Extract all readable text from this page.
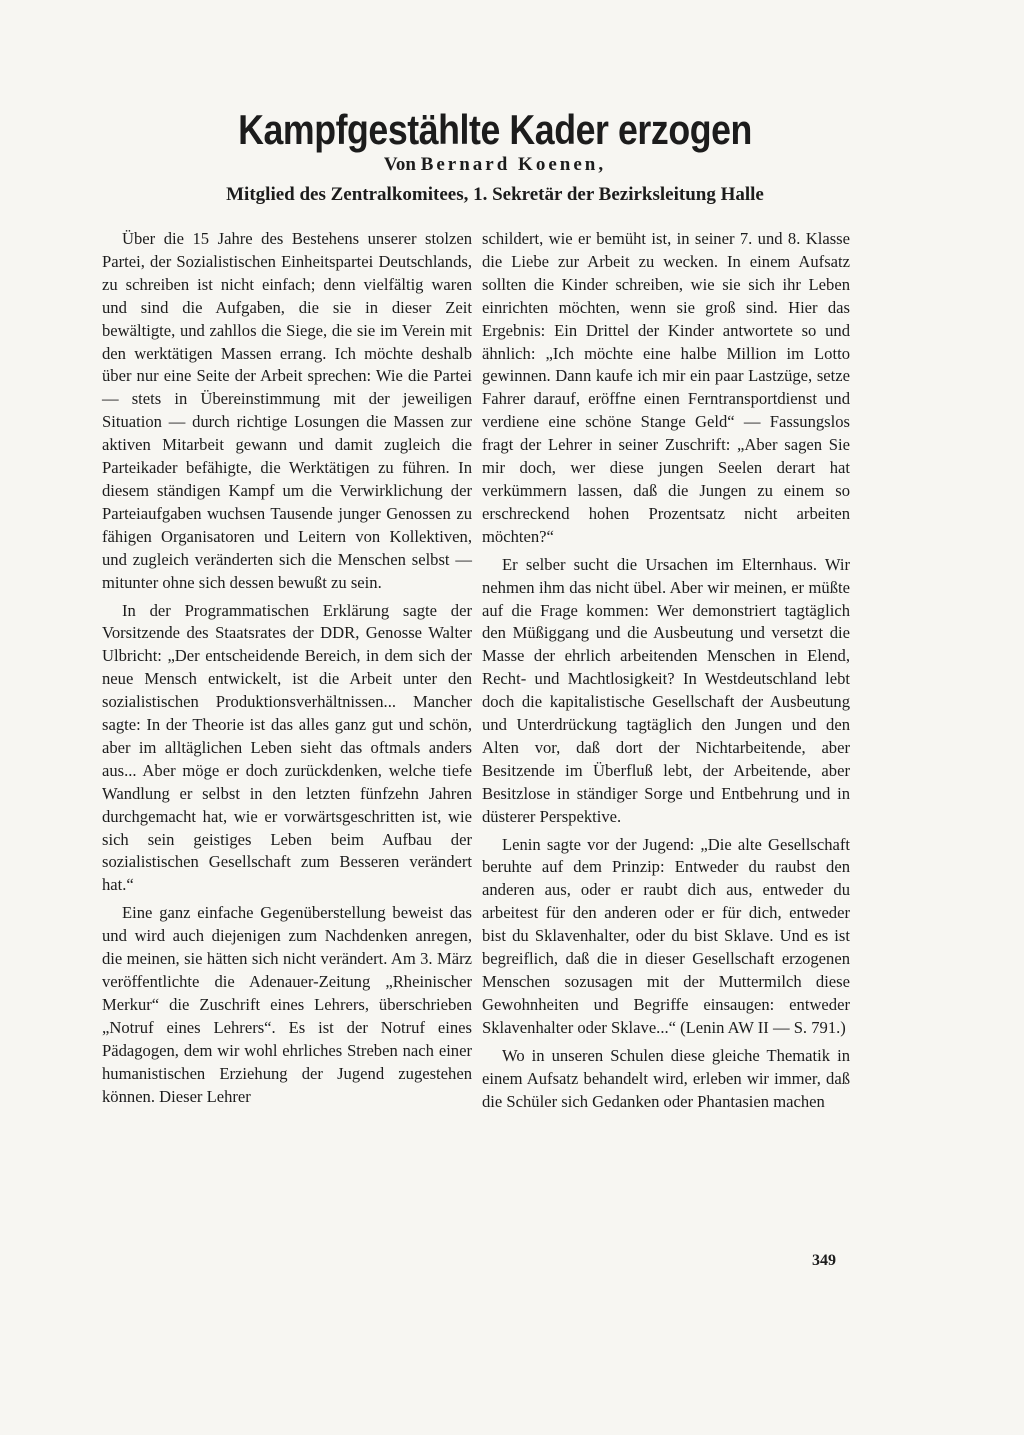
Kampfgestählte Kader erzogen
Von Bernard Koenen,
Mitglied des Zentralkomitees, 1. Sekretär der Bezirksleitung Halle

Über die 15 Jahre des Bestehens unserer stolzen Partei, der Sozialistischen Einheitspartei Deutschlands, zu schreiben ist nicht einfach; denn vielfältig waren und sind die Aufgaben, die sie in dieser Zeit bewältigte, und zahllos die Siege, die sie im Verein mit den werktätigen Massen errang. Ich möchte deshalb über nur eine Seite der Arbeit sprechen: Wie die Partei — stets in Übereinstimmung mit der jeweiligen Situation — durch richtige Losungen die Massen zur aktiven Mitarbeit gewann und damit zugleich die Parteikader befähigte, die Werktätigen zu führen. In diesem ständigen Kampf um die Verwirklichung der Parteiaufgaben wuchsen Tausende junger Genossen zu fähigen Organisatoren und Leitern von Kollektiven, und zugleich veränderten sich die Menschen selbst — mitunter ohne sich dessen bewußt zu sein.

In der Programmatischen Erklärung sagte der Vorsitzende des Staatsrates der DDR, Genosse Walter Ulbricht: „Der entscheidende Bereich, in dem sich der neue Mensch entwickelt, ist die Arbeit unter den sozialistischen Produktionsverhältnissen... Mancher sagte: In der Theorie ist das alles ganz gut und schön, aber im alltäglichen Leben sieht das oftmals anders aus... Aber möge er doch zurückdenken, welche tiefe Wandlung er selbst in den letzten fünfzehn Jahren durchgemacht hat, wie er vorwärtsgeschritten ist, wie sich sein geistiges Leben beim Aufbau der sozialistischen Gesellschaft zum Besseren verändert hat.“

Eine ganz einfache Gegenüberstellung beweist das und wird auch diejenigen zum Nachdenken anregen, die meinen, sie hätten sich nicht verändert. Am 3. März veröffentlichte die Adenauer-Zeitung „Rheinischer Merkur“ die Zuschrift eines Lehrers, überschrieben „Notruf eines Lehrers“. Es ist der Notruf eines Pädagogen, dem wir wohl ehrliches Streben nach einer humanistischen Erziehung der Jugend zugestehen können. Dieser Lehrer

schildert, wie er bemüht ist, in seiner 7. und 8. Klasse die Liebe zur Arbeit zu wecken. In einem Aufsatz sollten die Kinder schreiben, wie sie sich ihr Leben einrichten möchten, wenn sie groß sind. Hier das Ergebnis: Ein Drittel der Kinder antwortete so und ähnlich: „Ich möchte eine halbe Million im Lotto gewinnen. Dann kaufe ich mir ein paar Lastzüge, setze Fahrer darauf, eröffne einen Ferntransportdienst und verdiene eine schöne Stange Geld“ — Fassungslos fragt der Lehrer in seiner Zuschrift: „Aber sagen Sie mir doch, wer diese jungen Seelen derart hat verkümmern lassen, daß die Jungen zu einem so erschreckend hohen Prozentsatz nicht arbeiten möchten?“

Er selber sucht die Ursachen im Elternhaus. Wir nehmen ihm das nicht übel. Aber wir meinen, er müßte auf die Frage kommen: Wer demonstriert tagtäglich den Müßiggang und die Ausbeutung und versetzt die Masse der ehrlich arbeitenden Menschen in Elend, Recht- und Machtlosigkeit? In Westdeutschland lebt doch die kapitalistische Gesellschaft der Ausbeutung und Unterdrückung tagtäglich den Jungen und den Alten vor, daß dort der Nichtarbeitende, aber Besitzende im Überfluß lebt, der Arbeitende, aber Besitzlose in ständiger Sorge und Entbehrung und in düsterer Perspektive.

Lenin sagte vor der Jugend: „Die alte Gesellschaft beruhte auf dem Prinzip: Entweder du raubst den anderen aus, oder er raubt dich aus, entweder du arbeitest für den anderen oder er für dich, entweder bist du Sklavenhalter, oder du bist Sklave. Und es ist begreiflich, daß die in dieser Gesellschaft erzogenen Menschen sozusagen mit der Muttermilch diese Gewohnheiten und Begriffe einsaugen: entweder Sklavenhalter oder Sklave...“ (Lenin AW II — S. 791.)

Wo in unseren Schulen diese gleiche Thematik in einem Aufsatz behandelt wird, erleben wir immer, daß die Schüler sich Gedanken oder Phantasien machen

349
